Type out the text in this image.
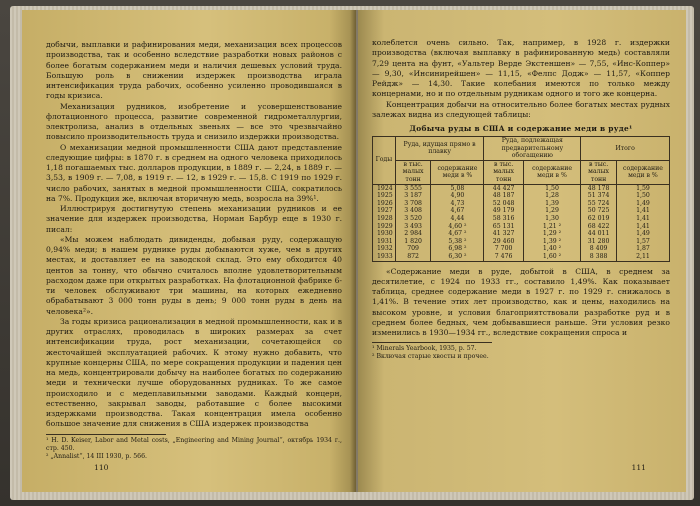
добычи, выплавки и рафинирования меди, механизация всех процессов производства, так и особенно вследствие разработки новых районов с более богатым содержанием меди и наличия дешевых условий труда. Большую роль в снижении издержек производства играла интенсификация труда рабочих, особенно усиленно проводившаяся в годы кризиса.

Механизация рудников, изобретение и усовершенствование флотационного процесса, развитие современной гидрометаллургии, электролиза, анализ в отдельных звеньях — все это чрезвычайно повысило производительность труда и снизило издержки производства.

О механизации медной промышленности США дают представление следующие цифры: в 1870 г. в среднем на одного человека приходилось 1,18 погашаемых тыс. долларов продукции, в 1889 г. — 2,24, в 1889 г. — 3,53, в 1909 г. — 7,08, в 1919 г. — 12, в 1929 г. — 15,8. С 1919 по 1929 г. число рабочих, занятых в медной промышленности США, сократилось на 7%. Продукция же, включая вторичную медь, возросла на 39%¹.

Иллюстрируя достигнутую степень механизации рудников и ее значение для издержек производства, Норман Барбур еще в 1930 г. писал:

«Мы можем наблюдать дивиденды, добывая руду, содержащую 0,94% меди; в нашем руднике руды добываются хуже, чем в других местах, и доставляет ее на заводской склад. Это ему обходится 40 центов за тонну, что обычно считалось вполне удовлетворительным расходом даже при открытых разработках. На флотационной фабрике 6-ти человек обслуживают три машины, на которых ежедневно обрабатывают 3 000 тонн руды в день; 9 000 тонн руды в день на человека²».

За годы кризиса рационализация в медной промышленности, как и в других отраслях, проводилась в широких размерах за счет интенсификации труда, рост механизации, сочетающейся со жесточайшей эксплуатацией рабочих. К этому нужно добавить, что крупные концерны США, по мере сокращения продукции и падения цен на медь, концентрировали добычу на наиболее богатых по содержанию меди и технически лучше оборудованных рудниках. То же самое происходило и с медеплавильными заводами. Каждый концерн, естественно, закрывал заводы, работавшие с более высокими издержками производства. Такая концентрация имела особенно большое значение для снижения в США издержек производства

¹ H. D. Keiser, Labor and Metal costs, „Engineering and Mining Journal“, октябрь 1934 г., стр. 450.

² „Annalist“, 14 III 1930, p. 566.

110

колеблется очень сильно. Так, например, в 1928 г. издержки производства (включая выплавку в рафинированную медь) составляли 7,29 цента на фунт, «Уальтер Верде Экстеншен» — 7,55, «Инс-Коппер» — 9,30, «Инсинирейшен» — 11,15, «Фелпс Додж» — 11,57, «Коппер Рейдж» — 14,30. Такие колебания имеются по только между концернами, но и по отдельным рудникам одного и того же концерна.

Концентрация добычи на относительно более богатых местах рудных залежах видна из следующей таблицы:

Добыча руды в США и содержание меди в руде¹
Годы	Руда, идущая прямо в плавку		Руда, подлежащая предварительному обогащению		Итого	
	в тыс. малых тонн	содержание меди в %	в тыс. малых тонн	содержание меди в %	в тыс. малых тонн	содержание меди в %
1924	3 555	5,08	44 427	1,50	48 178	1,59
1925	3 187	4,90	48 187	1,28	51 374	1,50
1926	3 708	4,73	52 048	1,39	55 724	1,49
1927	3 408	4,67	49 179	1,29	50 725	1,41
1928	3 520	4,44	58 316	1,30	62 019	1,41
1929	3 493	4,60 ²	65 131	1,21 ²	68 422	1,41
1930	2 984	4,67 ²	41 327	1,29 ²	44 011	1,49
1931	1 820	5,38 ²	29 460	1,39 ²	31 280	1,57
1932	709	6,98 ²	7 700	1,40 ²	8 409	1,87
1933	872	6,30 ²	7 476	1,60 ²	8 388	2,11

«Содержание меди в руде, добытой в США, в среднем за десятилетие, с 1924 по 1933 гг., составило 1,49%. Как показывает таблица, среднее содержание меди в 1927 г. по 1929 г. снижалось в 1,41%. В течение этих лет производство, как и цены, находились на высоком уровне, и условия благоприятствовали разработке руд и в среднем более бедных, чем добывавшиеся раньше. Эти условия резко изменились в 1930—1934 гг., вследствие сокращения спроса и

¹ Minerals Yearbook, 1935, p. 57.

² Включая старые хвосты и прочее.

111
